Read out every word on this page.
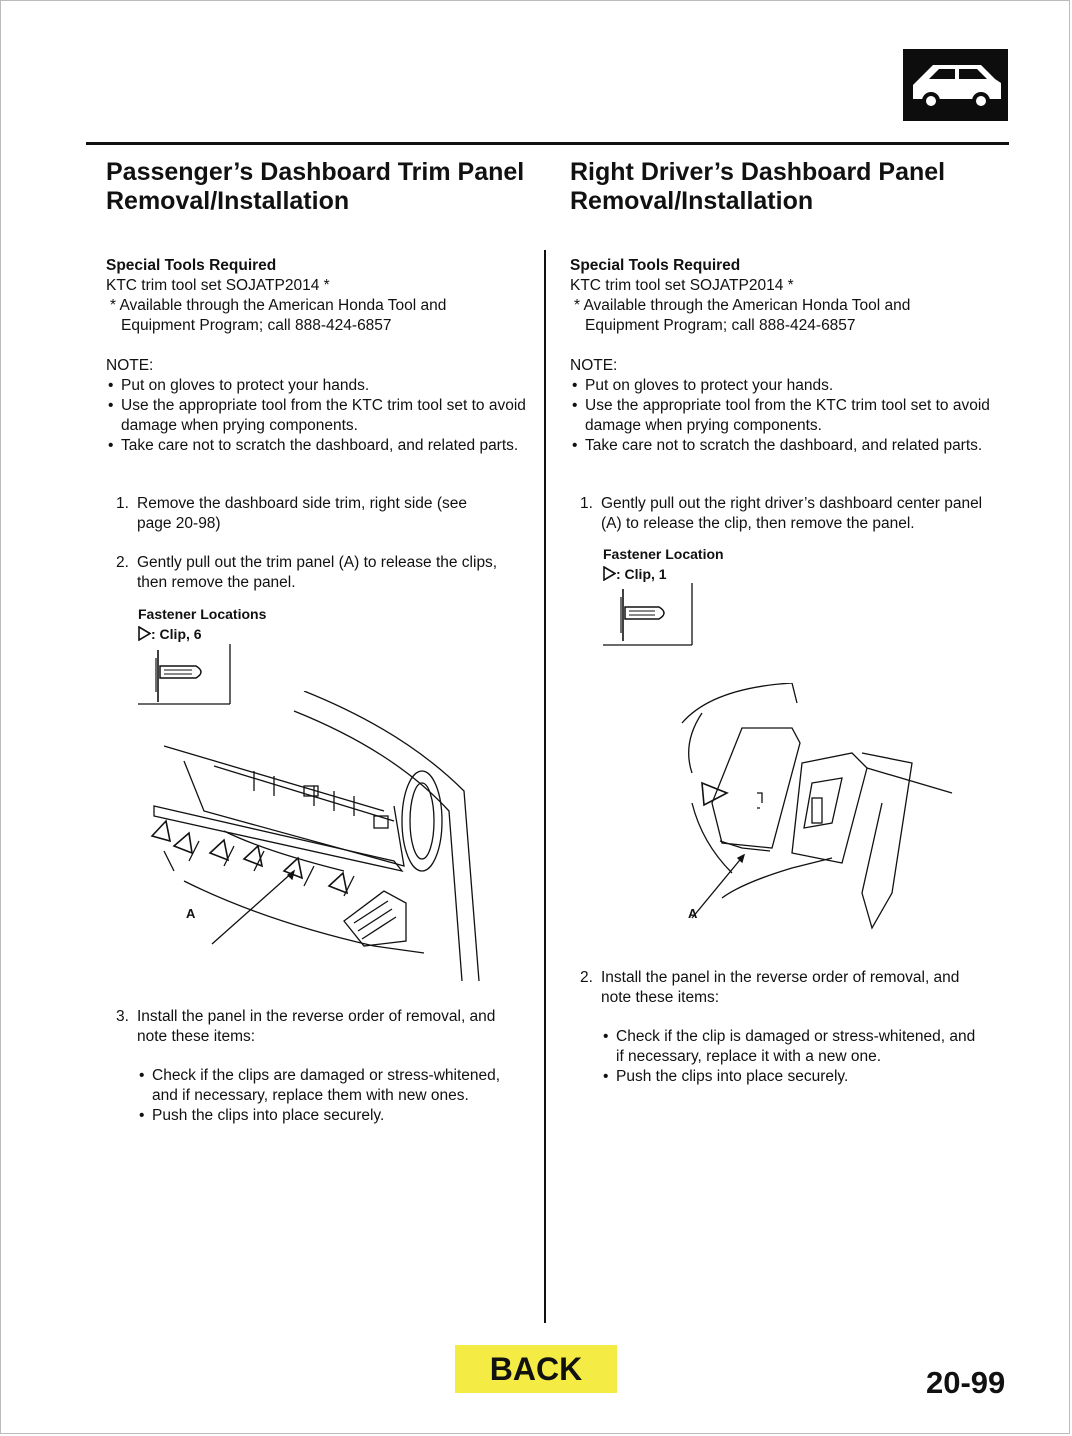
Passenger’s Dashboard Trim Panel
Removal/Installation
Special Tools Required
KTC trim tool set SOJATP2014 *
* Available through the American Honda Tool and
Equipment Program; call 888-424-6857
NOTE:
• Put on gloves to protect your hands.
• Use the appropriate tool from the KTC trim tool set to avoid damage when prying components.
• Take care not to scratch the dashboard, and related parts.
1. Remove the dashboard side trim, right side (see page 20-98)
2. Gently pull out the trim panel (A) to release the clips, then remove the panel.
Fastener Locations
: Clip, 6
A
3. Install the panel in the reverse order of removal, and note these items:
• Check if the clips are damaged or stress-whitened, and if necessary, replace them with new ones.
• Push the clips into place securely.
Right Driver’s Dashboard Panel
Removal/Installation
Special Tools Required
KTC trim tool set SOJATP2014 *
* Available through the American Honda Tool and
Equipment Program; call 888-424-6857
NOTE:
• Put on gloves to protect your hands.
• Use the appropriate tool from the KTC trim tool set to avoid damage when prying components.
• Take care not to scratch the dashboard, and related parts.
1. Gently pull out the right driver’s dashboard center panel (A) to release the clip, then remove the panel.
Fastener Location
: Clip, 1
A
2. Install the panel in the reverse order of removal, and note these items:
• Check if the clip is damaged or stress-whitened, and if necessary, replace it with a new one.
• Push the clips into place securely.
BACK	20-99
